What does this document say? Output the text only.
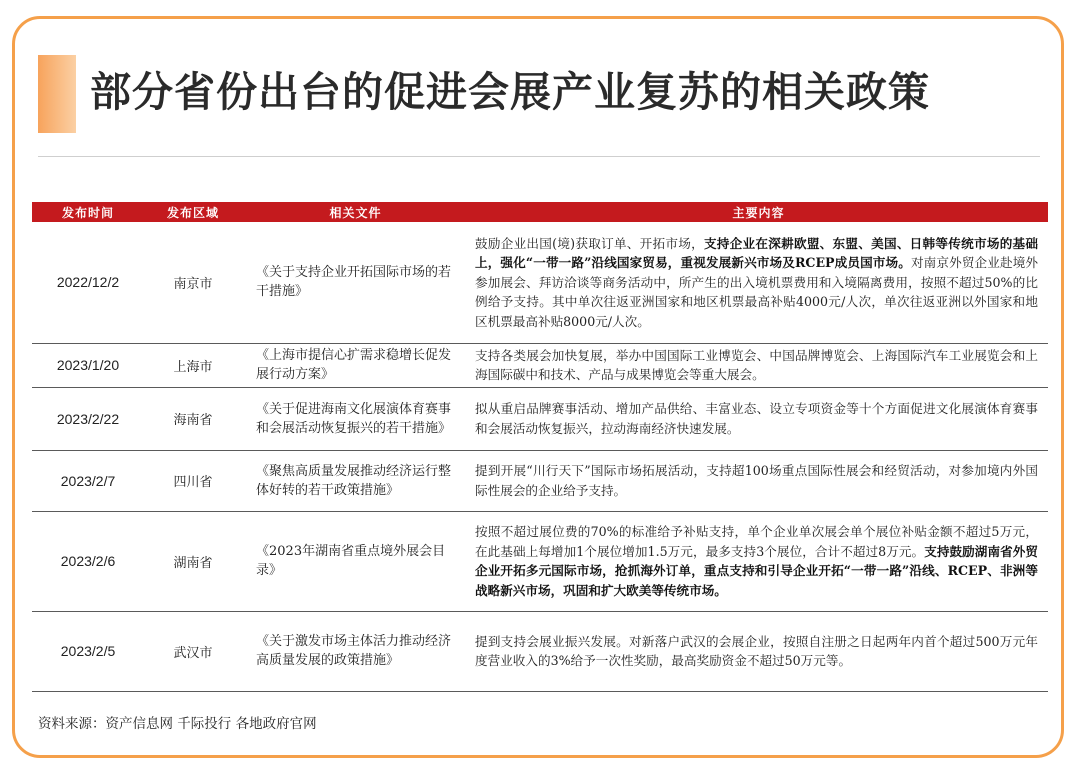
部分省份出台的促进会展产业复苏的相关政策
发布时间	发布区域	相关文件	主要内容
2022/12/2	南京市	《关于支持企业开拓国际市场的若干措施》	鼓励企业出国(境)获取订单、开拓市场，支持企业在深耕欧盟、东盟、美国、日韩等传统市场的基础上，强化“一带一路”沿线国家贸易，重视发展新兴市场及RCEP成员国市场。对南京外贸企业赴境外参加展会、拜访洽谈等商务活动中，所产生的出入境机票费用和入境隔离费用，按照不超过50%的比例给予支持。其中单次往返亚洲国家和地区机票最高补贴4000元/人次，单次往返亚洲以外国家和地区机票最高补贴8000元/人次。
2023/1/20	上海市	《上海市提信心扩需求稳增长促发展行动方案》	支持各类展会加快复展，举办中国国际工业博览会、中国品牌博览会、上海国际汽车工业展览会和上海国际碳中和技术、产品与成果博览会等重大展会。
2023/2/22	海南省	《关于促进海南文化展演体育赛事和会展活动恢复振兴的若干措施》	拟从重启品牌赛事活动、增加产品供给、丰富业态、设立专项资金等十个方面促进文化展演体育赛事和会展活动恢复振兴，拉动海南经济快速发展。
2023/2/7	四川省	《聚焦高质量发展推动经济运行整体好转的若干政策措施》	提到开展“川行天下”国际市场拓展活动，支持超100场重点国际性展会和经贸活动，对参加境内外国际性展会的企业给予支持。
2023/2/6	湖南省	《2023年湖南省重点境外展会目录》	按照不超过展位费的70%的标准给予补贴支持，单个企业单次展会单个展位补贴金额不超过5万元，在此基础上每增加1个展位增加1.5万元，最多支持3个展位，合计不超过8万元。支持鼓励湖南省外贸企业开拓多元国际市场，抢抓海外订单，重点支持和引导企业开拓“一带一路”沿线、RCEP、非洲等战略新兴市场，巩固和扩大欧美等传统市场。
2023/2/5	武汉市	《关于激发市场主体活力推动经济高质量发展的政策措施》	提到支持会展业振兴发展。对新落户武汉的会展企业，按照自注册之日起两年内首个超过500万元年度营业收入的3%给予一次性奖励，最高奖励资金不超过50万元等。
资料来源：资产信息网 千际投行 各地政府官网
